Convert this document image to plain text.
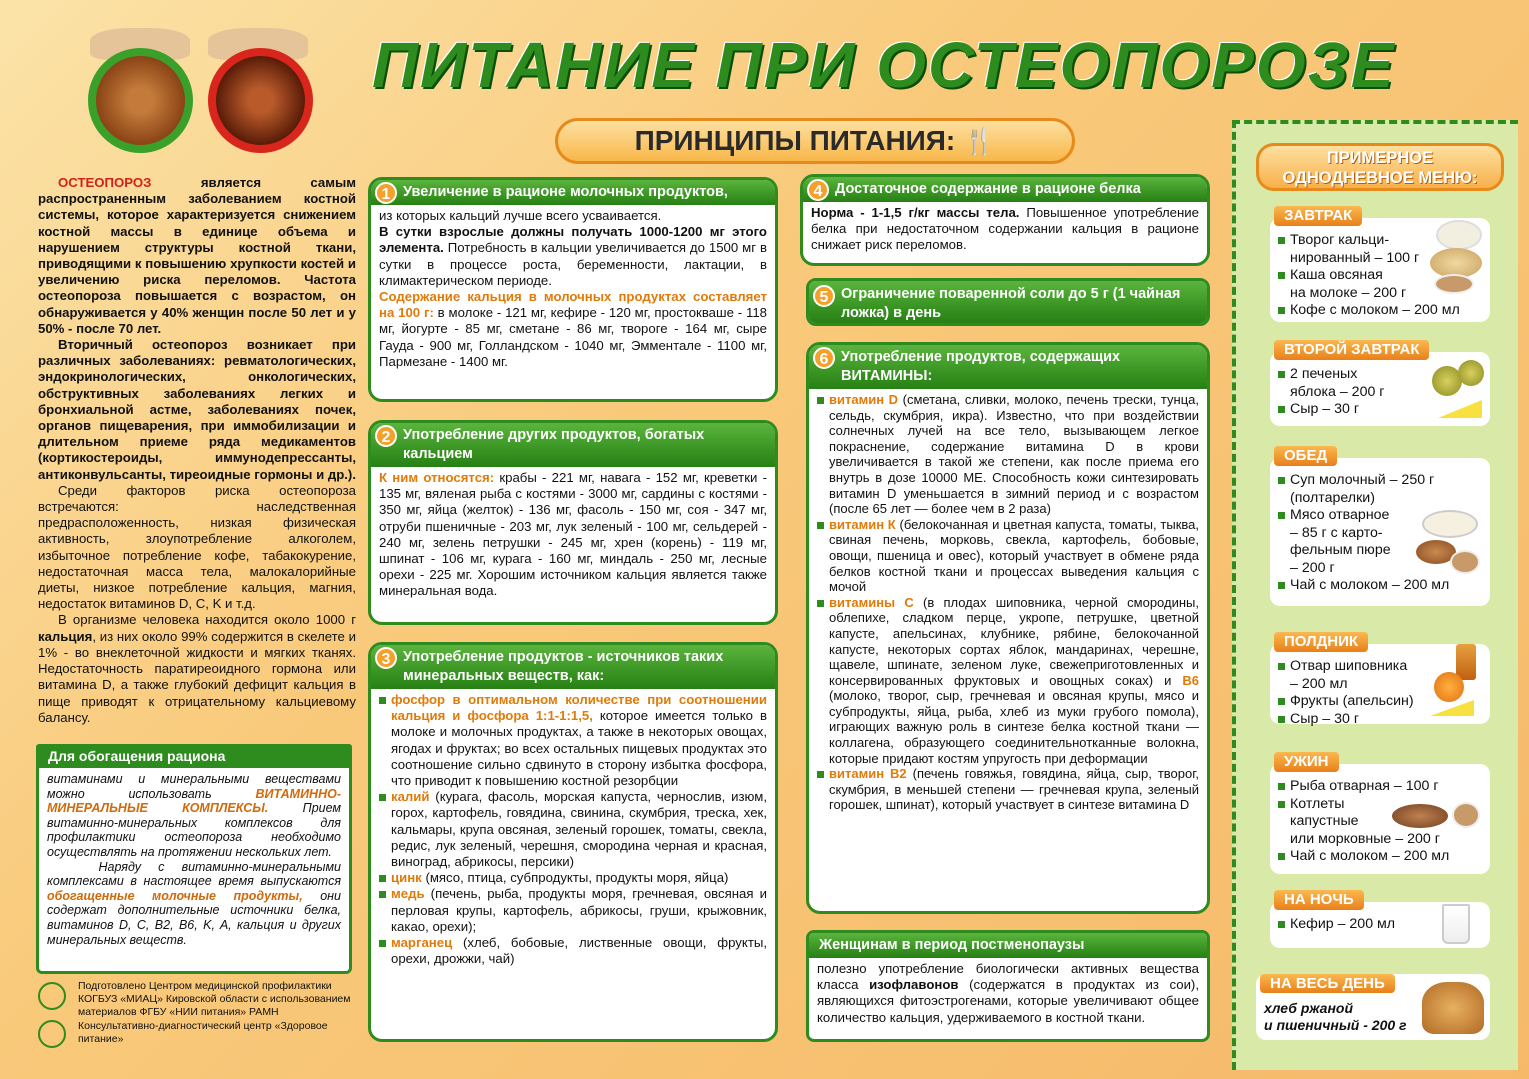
ПИТАНИЕ ПРИ ОСТЕОПОРОЗЕ
ПРИНЦИПЫ ПИТАНИЯ: 🍴

ОСТЕОПОРОЗ является самым распространенным заболеванием костной системы, которое характеризуется снижением костной массы в единице объема и нарушением структуры костной ткани, приводящими к повышению хрупкости костей и увеличению риска переломов. Частота остеопороза повышается с возрастом, он обнаруживается у 40% женщин после 50 лет и у 50% - после 70 лет.

Вторичный остеопороз возникает при различных заболеваниях: ревматологических, эндокринологических, онкологических, обструктивных заболеваниях легких и бронхиальной астме, заболеваниях почек, органов пищеварения, при иммобилизации и длительном приеме ряда медикаментов (кортикостероиды, иммунодепрессанты, антиконвульсанты, тиреоидные гормоны и др.).

Среди факторов риска остеопороза встречаются: наследственная предрасположенность, низкая физическая активность, злоупотребление алкоголем, избыточное потребление кофе, табакокурение, недостаточная масса тела, малокалорийные диеты, низкое потребление кальция, магния, недостаток витаминов D, C, K и т.д.

В организме человека находится около 1000 г кальция, из них около 99% содержится в скелете и 1% - во внеклеточной жидкости и мягких тканях. Недостаточность паратиреоидного гормона или витамина D, а также глубокий дефицит кальция в пище приводят к отрицательному кальциевому балансу.

Для обогащения рациона
витаминами и минеральными веществами можно использовать ВИТАМИННО-МИНЕРАЛЬНЫЕ КОМПЛЕКСЫ. Прием витаминно-минеральных комплексов для профилактики остеопороза необходимо осуществлять на протяжении нескольких лет.
Наряду с витаминно-минеральными комплексами в настоящее время выпускаются обогащенные молочные продукты, они содержат дополнительные источники белка, витаминов D, C, B2, B6, K, A, кальция и других минеральных веществ.
Подготовлено Центром медицинской профилактики КОГБУЗ «МИАЦ» Кировской области с использованием материалов ФГБУ «НИИ питания» РАМН Консультативно-диагностический центр «Здоровое питание»
1 Увеличение в рационе молочных продуктов,
из которых кальций лучше всего усваивается.
В сутки взрослые должны получать 1000-1200 мг этого элемента. Потребность в кальции увеличивается до 1500 мг в сутки в процессе роста, беременности, лактации, в климактерическом периоде.
Содержание кальция в молочных продуктах составляет на 100 г: в молоке - 121 мг, кефире - 120 мг, простокваше - 118 мг, йогурте - 85 мг, сметане - 86 мг, твороге - 164 мг, сыре Гауда - 900 мг, Голландском - 1040 мг, Эмментале - 1100 мг, Пармезане - 1400 мг.
2 Употребление других продуктов, богатых кальцием
К ним относятся: крабы - 221 мг, навага - 152 мг, креветки - 135 мг, вяленая рыба с костями - 3000 мг, сардины с костями - 350 мг, яйца (желток) - 136 мг, фасоль - 150 мг, соя - 347 мг, отруби пшеничные - 203 мг, лук зеленый - 100 мг, сельдерей - 240 мг, зелень петрушки - 245 мг, хрен (корень) - 119 мг, шпинат - 106 мг, курага - 160 мг, миндаль - 250 мг, лесные орехи - 225 мг. Хорошим источником кальция является также минеральная вода.
3 Употребление продуктов - источников таких минеральных веществ, как:
фосфор в оптимальном количестве при соотношении кальция и фосфора 1:1-1:1,5, которое имеется только в молоке и молочных продуктах, а также в некоторых овощах, ягодах и фруктах; во всех остальных пищевых продуктах это соотношение сильно сдвинуто в сторону избытка фосфора, что приводит к повышению костной резорбции
калий (курага, фасоль, морская капуста, чернослив, изюм, горох, картофель, говядина, свинина, скумбрия, треска, хек, кальмары, крупа овсяная, зеленый горошек, томаты, свекла, редис, лук зеленый, черешня, смородина черная и красная, виноград, абрикосы, персики)
цинк (мясо, птица, субпродукты, продукты моря, яйца)
медь (печень, рыба, продукты моря, гречневая, овсяная и перловая крупы, картофель, абрикосы, груши, крыжовник, какао, орехи);
марганец (хлеб, бобовые, лиственные овощи, фрукты, орехи, дрожжи, чай)
4 Достаточное содержание в рационе белка
Норма - 1-1,5 г/кг массы тела. Повышенное употребление белка при недостаточном содержании кальция в рационе снижает риск переломов.
5 Ограничение поваренной соли до 5 г (1 чайная ложка) в день
6 Употребление продуктов, содержащих
ВИТАМИНЫ:
витамин D (сметана, сливки, молоко, печень трески, тунца, сельдь, скумбрия, икра). Известно, что при воздействии солнечных лучей на все тело, вызывающем легкое покраснение, содержание витамина D в крови увеличивается в такой же степени, как после приема его внутрь в дозе 10000 МЕ. Способность кожи синтезировать витамин D уменьшается в зимний период и с возрастом (после 65 лет — более чем в 2 раза)
витамин К (белокочанная и цветная капуста, томаты, тыква, свиная печень, морковь, свекла, картофель, бобовые, овощи, пшеница и овес), который участвует в обмене ряда белков костной ткани и процессах выведения кальция с мочой
витамины С (в плодах шиповника, черной смородины, облепихе, сладком перце, укропе, петрушке, цветной капусте, апельсинах, клубнике, рябине, белокочанной капусте, некоторых сортах яблок, мандаринах, черешне, щавеле, шпинате, зеленом луке, свежеприготовленных и консервированных фруктовых и овощных соках) и В6 (молоко, творог, сыр, гречневая и овсяная крупы, мясо и субпродукты, яйца, рыба, хлеб из муки грубого помола), играющих важную роль в синтезе белка костной ткани — коллагена, образующего соединительнотканные волокна, которые придают костям упругость при деформации
витамин В2 (печень говяжья, говядина, яйца, сыр, творог, скумбрия, в меньшей степени — гречневая крупа, зеленый горошек, шпинат), который участвует в синтезе витамина D
Женщинам в период постменопаузы
полезно употребление биологически активных вещества класса изофлавонов (содержатся в продуктах из сои), являющихся фитоэстрогенами, которые увеличивают общее количество кальция, удерживаемого в костной ткани.
ПРИМЕРНОЕ
ОДНОДНЕВНОЕ МЕНЮ:
ЗАВТРАК
Творог кальци-
нированный – 100 г
Каша овсяная
на молоке – 200 г
Кофе с молоком – 200 мл
ВТОРОЙ ЗАВТРАК
2 печеных
яблока – 200 г
Сыр – 30 г
ОБЕД
Суп молочный – 250 г
(полтарелки)
Мясо отварное
– 85 г с карто-
фельным пюре
– 200 г
Чай с молоком – 200 мл
ПОЛДНИК
Отвар шиповника
– 200 мл
Фрукты (апельсин)
Сыр – 30 г
УЖИН
Рыба отварная – 100 г
Котлеты
капустные
или морковные – 200 г
Чай с молоком – 200 мл
НА НОЧЬ
Кефир – 200 мл
НА ВЕСЬ ДЕНЬ
хлеб ржаной
и пшеничный - 200 г
